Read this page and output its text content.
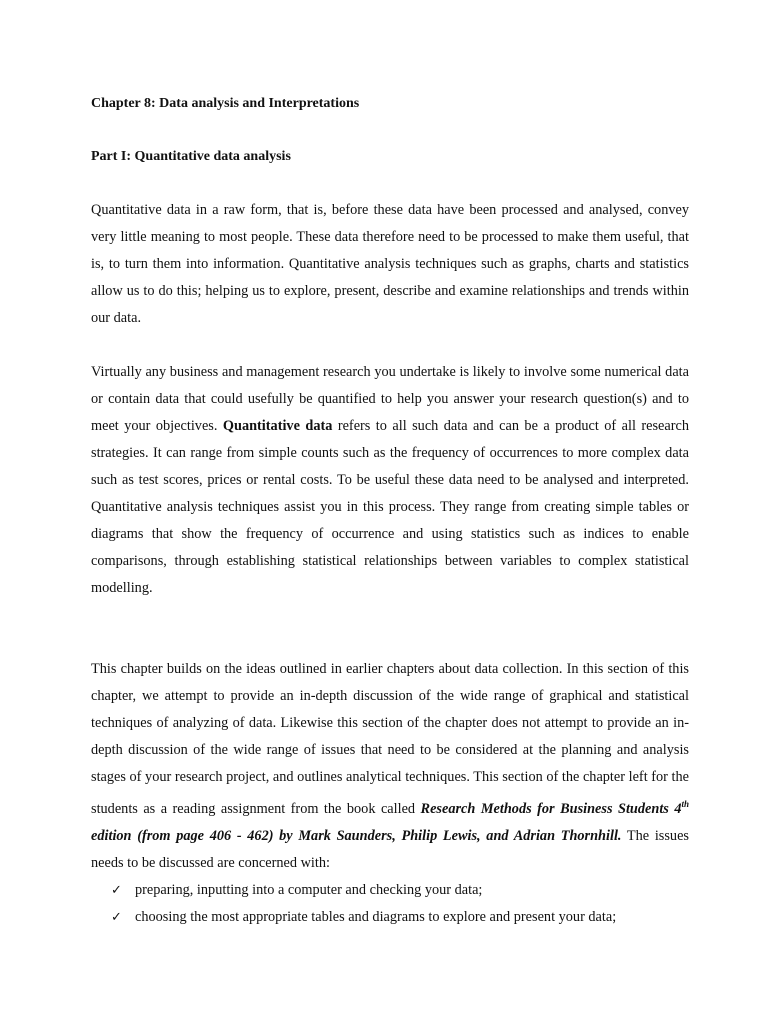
Chapter 8: Data analysis and Interpretations

Part I: Quantitative data analysis

Quantitative data in a raw form, that is, before these data have been processed and analysed, convey very little meaning to most people. These data therefore need to be processed to make them useful, that is, to turn them into information. Quantitative analysis techniques such as graphs, charts and statistics allow us to do this; helping us to explore, present, describe and examine relationships and trends within our data.

Virtually any business and management research you undertake is likely to involve some numerical data or contain data that could usefully be quantified to help you answer your research question(s) and to meet your objectives. Quantitative data refers to all such data and can be a product of all research strategies. It can range from simple counts such as the frequency of occurrences to more complex data such as test scores, prices or rental costs. To be useful these data need to be analysed and interpreted. Quantitative analysis techniques assist you in this process. They range from creating simple tables or diagrams that show the frequency of occurrence and using statistics such as indices to enable comparisons, through establishing statistical relationships between variables to complex statistical modelling.

This chapter builds on the ideas outlined in earlier chapters about data collection. In this section of this chapter, we attempt to provide an in-depth discussion of the wide range of graphical and statistical techniques of analyzing of data. Likewise this section of the chapter does not attempt to provide an in-depth discussion of the wide range of issues that need to be considered at the planning and analysis stages of your research project, and outlines analytical techniques. This section of the chapter left for the students as a reading assignment from the book called Research Methods for Business Students 4th edition (from page 406 - 462) by Mark Saunders, Philip Lewis, and Adrian Thornhill. The issues needs to be discussed are concerned with:

✓ preparing, inputting into a computer and checking your data;
✓ choosing the most appropriate tables and diagrams to explore and present your data;
